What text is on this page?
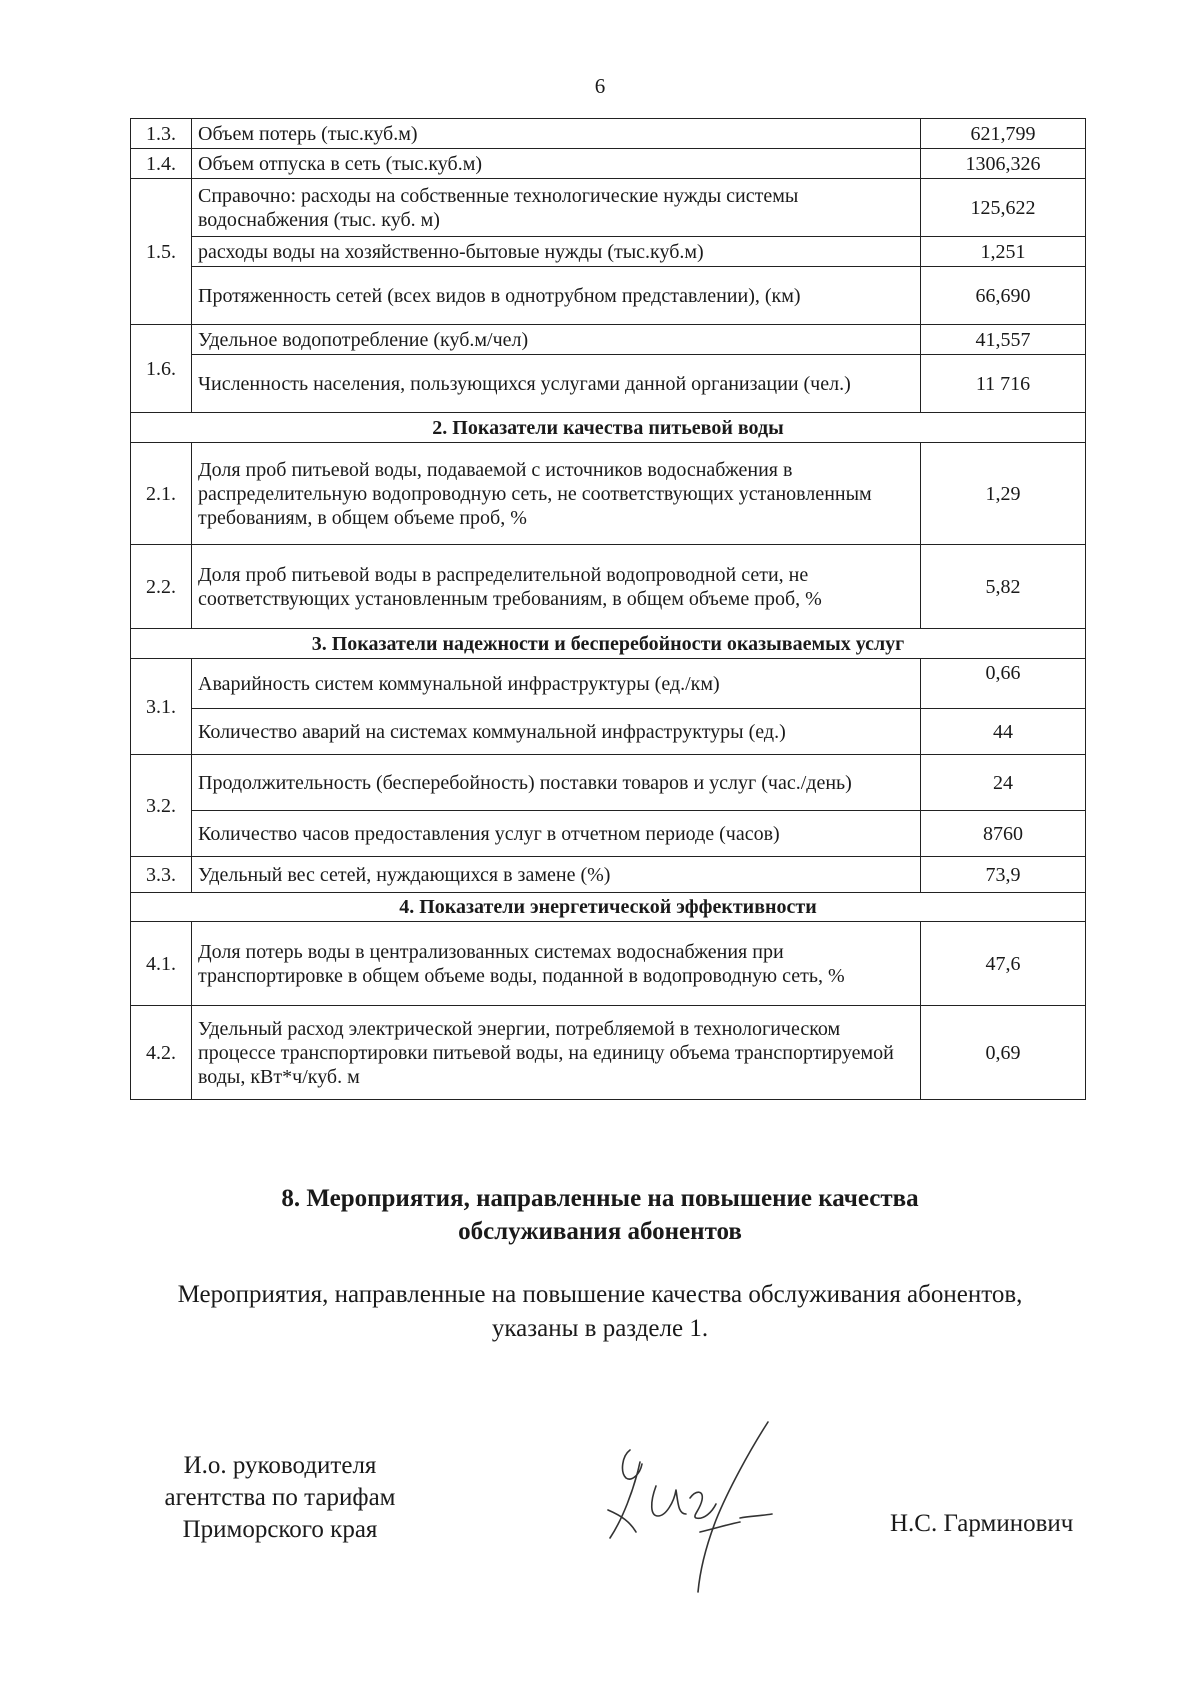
6
1.3.	Объем потерь (тыс.куб.м)	621,799
1.4.	Объем отпуска в сеть (тыс.куб.м)	1306,326
1.5.	Справочно: расходы на собственные технологические нужды системы водоснабжения (тыс. куб. м)	125,622
	расходы воды на хозяйственно-бытовые нужды (тыс.куб.м)	1,251
	Протяженность сетей (всех видов в однотрубном представлении), (км)	66,690
1.6.	Удельное водопотребление (куб.м/чел)	41,557
	Численность населения, пользующихся услугами данной организации (чел.)	11 716
2. Показатели качества питьевой воды		
2.1.	Доля проб питьевой воды, подаваемой с источников водоснабжения в распределительную водопроводную сеть, не соответствующих установленным требованиям, в общем объеме проб, %	1,29
2.2.	Доля проб питьевой воды в распределительной водопроводной сети, не соответствующих установленным требованиям, в общем объеме проб, %	5,82
3. Показатели надежности и бесперебойности оказываемых услуг		
3.1.	Аварийность систем коммунальной инфраструктуры (ед./км)	0,66
	Количество аварий на системах коммунальной инфраструктуры (ед.)	44
3.2.	Продолжительность (бесперебойность) поставки товаров и услуг (час./день)	24
	Количество часов предоставления услуг в отчетном периоде (часов)	8760
3.3.	Удельный вес сетей, нуждающихся в замене (%)	73,9
4. Показатели энергетической эффективности		
4.1.	Доля потерь воды в централизованных системах водоснабжения при транспортировке в общем объеме воды, поданной в водопроводную сеть, %	47,6
4.2.	Удельный расход электрической энергии, потребляемой в технологическом процессе транспортировки питьевой воды, на единицу объема транспортируемой воды, кВт*ч/куб. м	0,69
8. Мероприятия, направленные на повышение качества
обслуживания абонентов
Мероприятия, направленные на повышение качества обслуживания абонентов,
указаны в разделе 1.
И.о. руководителя
агентства по тарифам
Приморского края	Н.С. Гарминович
